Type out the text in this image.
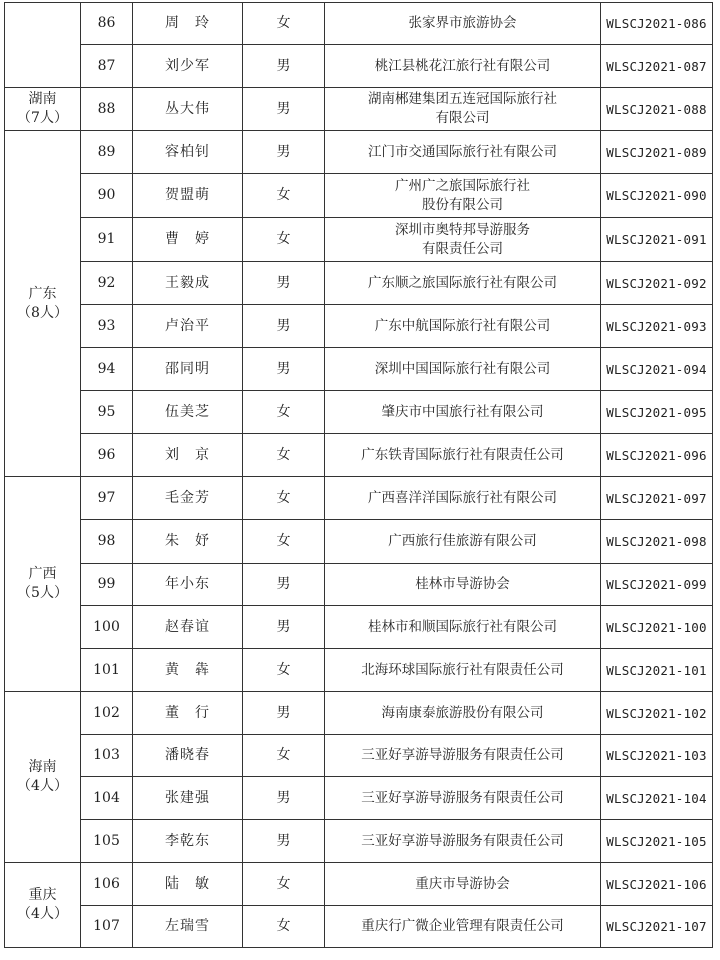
	86	周　玲	女	张家界市旅游协会	WLSCJ2021-086
	87	刘少军	男	桃江县桃花江旅行社有限公司	WLSCJ2021-087

湖南
（7人）	88	丛大伟	男	湖南郴建集团五连冠国际旅行社
有限公司	WLSCJ2021-088

广东
（8人）	89	容柏钊	男	江门市交通国际旅行社有限公司	WLSCJ2021-089
	90	贺盟萌	女	广州广之旅国际旅行社
股份有限公司	WLSCJ2021-090
	91	曹　婷	女	深圳市奥特邦导游服务
有限责任公司	WLSCJ2021-091
	92	王毅成	男	广东顺之旅国际旅行社有限公司	WLSCJ2021-092
	93	卢治平	男	广东中航国际旅行社有限公司	WLSCJ2021-093
	94	邵同明	男	深圳中国国际旅行社有限公司	WLSCJ2021-094
	95	伍美芝	女	肇庆市中国旅行社有限公司	WLSCJ2021-095
	96	刘　京	女	广东铁青国际旅行社有限责任公司	WLSCJ2021-096

广西
（5人）	97	毛金芳	女	广西喜洋洋国际旅行社有限公司	WLSCJ2021-097
	98	朱　妤	女	广西旅行佳旅游有限公司	WLSCJ2021-098
	99	年小东	男	桂林市导游协会	WLSCJ2021-099
	100	赵春谊	男	桂林市和顺国际旅行社有限公司	WLSCJ2021-100
	101	黄　犇	女	北海环球国际旅行社有限责任公司	WLSCJ2021-101

海南
（4人）	102	董　行	男	海南康泰旅游股份有限公司	WLSCJ2021-102
	103	潘晓春	女	三亚好享游导游服务有限责任公司	WLSCJ2021-103
	104	张建强	男	三亚好享游导游服务有限责任公司	WLSCJ2021-104
	105	李乾东	男	三亚好享游导游服务有限责任公司	WLSCJ2021-105

重庆
（4人）	106	陆　敏	女	重庆市导游协会	WLSCJ2021-106
	107	左瑞雪	女	重庆行广微企业管理有限责任公司	WLSCJ2021-107
